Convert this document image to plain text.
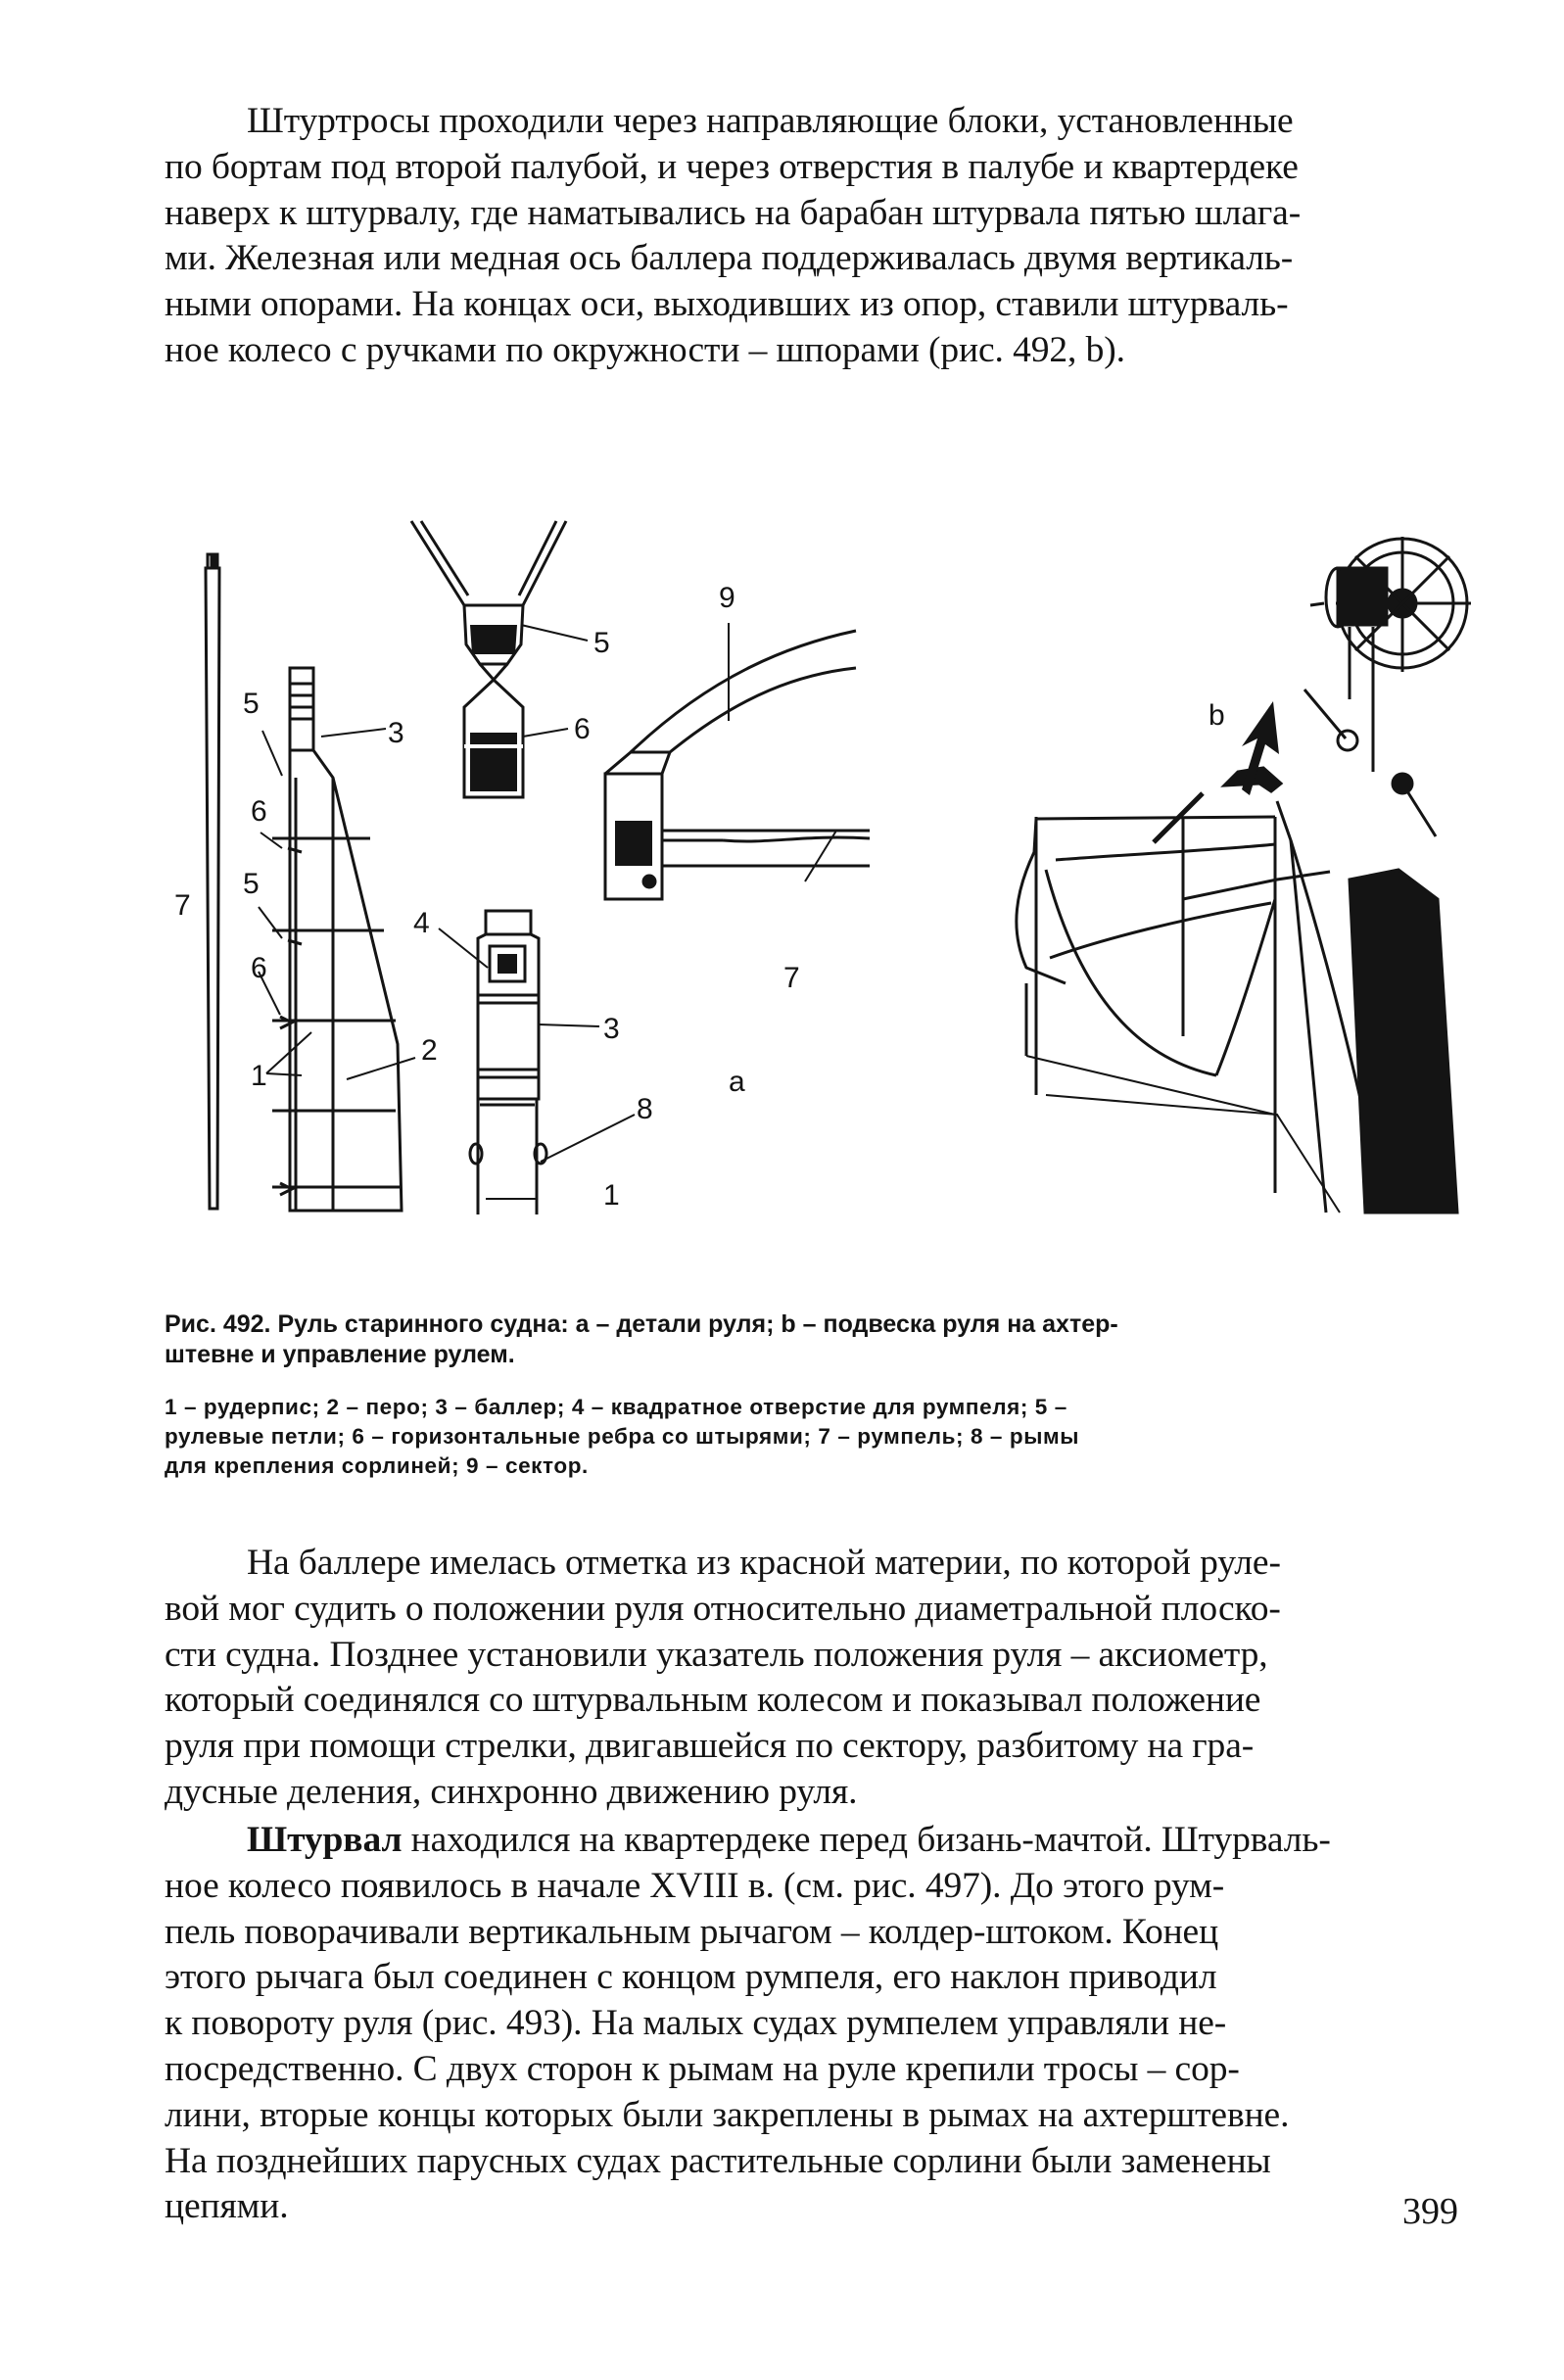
Штуртросы проходили через направляющие блоки, установленные
по бортам под второй палубой, и через отверстия в палубе и квартердеке
наверх к штурвалу, где наматывались на барабан штурвала пятью шлага-
ми. Железная или медная ось баллера поддерживалась двумя вертикаль-
ными опорами. На концах оси, выходивших из опор, ставили штурваль-
ное колесо с ручками по окружности – шпорами (рис. 492, b).

7
5
3
6
5
6
1
2
4
5
6
3
8
1
9
7
a
b

Рис. 492. Руль старинного судна: а – детали руля; b – подвеска руля на ахтер-
штевне и управление рулем.

1 – рудерпис; 2 – перо; 3 – баллер; 4 – квадратное отверстие для румпеля; 5 –
рулевые петли; 6 – горизонтальные ребра со штырями; 7 – румпель; 8 – рымы
для крепления сорлиней; 9 – сектор.

На баллере имелась отметка из красной материи, по которой руле-
вой мог судить о положении руля относительно диаметральной плоско-
сти судна. Позднее установили указатель положения руля – аксиометр,
который соединялся со штурвальным колесом и показывал положение
руля при помощи стрелки, двигавшейся по сектору, разбитому на гра-
дусные деления, синхронно движению руля.

Штурвал находился на квартердеке перед бизань-мачтой. Штурваль-
ное колесо появилось в начале XVIII в. (см. рис. 497). До этого рум-
пель поворачивали вертикальным рычагом – колдер-штоком. Конец
этого рычага был соединен с концом румпеля, его наклон приводил
к повороту руля (рис. 493). На малых судах румпелем управляли не-
посредственно. С двух сторон к рымам на руле крепили тросы – сор-
лини, вторые концы которых были закреплены в рымах на ахтерштевне.
На позднейших парусных судах растительные сорлини были заменены
цепями.	399
